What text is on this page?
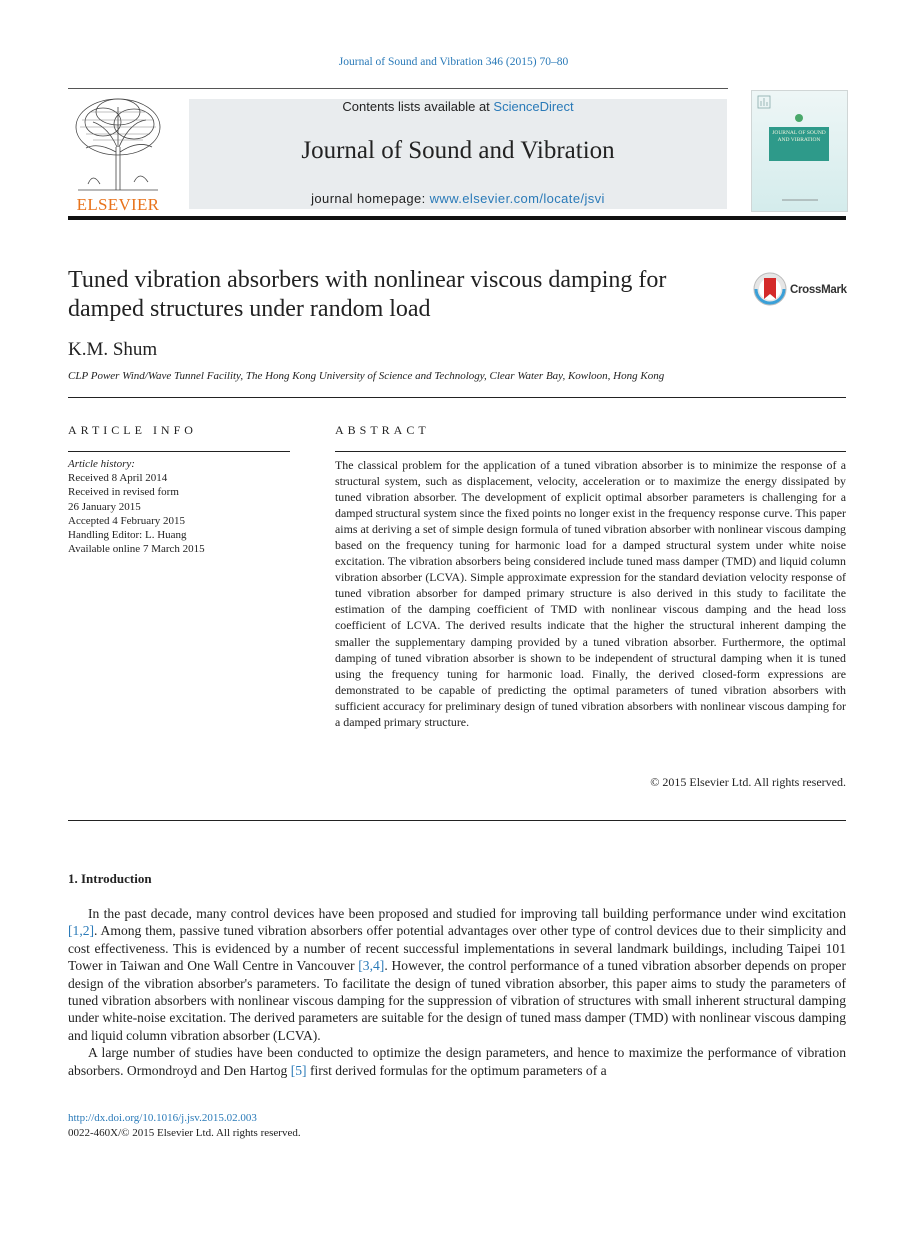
Journal of Sound and Vibration 346 (2015) 70–80
ELSEVIER
Contents lists available at ScienceDirect
Journal of Sound and Vibration
journal homepage: www.elsevier.com/locate/jsvi
JOURNAL OF SOUND AND VIBRATION
Tuned vibration absorbers with nonlinear viscous damping for damped structures under random load
CrossMark
K.M. Shum
CLP Power Wind/Wave Tunnel Facility, The Hong Kong University of Science and Technology, Clear Water Bay, Kowloon, Hong Kong
ARTICLE INFO	ABSTRACT
Article history:
Received 8 April 2014
Received in revised form
26 January 2015
Accepted 4 February 2015
Handling Editor: L. Huang
Available online 7 March 2015
The classical problem for the application of a tuned vibration absorber is to minimize the response of a structural system, such as displacement, velocity, acceleration or to maximize the energy dissipated by tuned vibration absorber. The development of explicit optimal absorber parameters is challenging for a damped structural system since the fixed points no longer exist in the frequency response curve. This paper aims at deriving a set of simple design formula of tuned vibration absorber with nonlinear viscous damping based on the frequency tuning for harmonic load for a damped structural system under white noise excitation. The vibration absorbers being considered include tuned mass damper (TMD) and liquid column vibration absorber (LCVA). Simple approximate expression for the standard deviation velocity response of tuned vibration absorber for damped primary structure is also derived in this study to facilitate the estimation of the damping coefficient of TMD with nonlinear viscous damping and the head loss coefficient of LCVA. The derived results indicate that the higher the structural inherent damping the smaller the supplementary damping provided by a tuned vibration absorber. Furthermore, the optimal damping of tuned vibration absorber is shown to be independent of structural damping when it is tuned using the frequency tuning for harmonic load. Finally, the derived closed-form expressions are demonstrated to be capable of predicting the optimal parameters of tuned vibration absorbers with sufficient accuracy for preliminary design of tuned vibration absorbers with nonlinear viscous damping for a damped primary structure.
© 2015 Elsevier Ltd. All rights reserved.
1. Introduction

In the past decade, many control devices have been proposed and studied for improving tall building performance under wind excitation [1,2]. Among them, passive tuned vibration absorbers offer potential advantages over other type of control devices due to their simplicity and cost effectiveness. This is evidenced by a number of recent successful implementations in several landmark buildings, including Taipei 101 Tower in Taiwan and One Wall Centre in Vancouver [3,4]. However, the control performance of a tuned vibration absorber depends on proper design of the vibration absorber's parameters. To facilitate the design of tuned vibration absorber, this paper aims to study the parameters of tuned vibration absorbers with nonlinear viscous damping for the suppression of vibration of structures with small inherent structural damping under white-noise excitation. The derived parameters are suitable for the design of tuned mass damper (TMD) with nonlinear viscous damping and liquid column vibration absorber (LCVA).

A large number of studies have been conducted to optimize the design parameters, and hence to maximize the performance of vibration absorbers. Ormondroyd and Den Hartog [5] first derived formulas for the optimum parameters of a

http://dx.doi.org/10.1016/j.jsv.2015.02.003
0022-460X/© 2015 Elsevier Ltd. All rights reserved.
